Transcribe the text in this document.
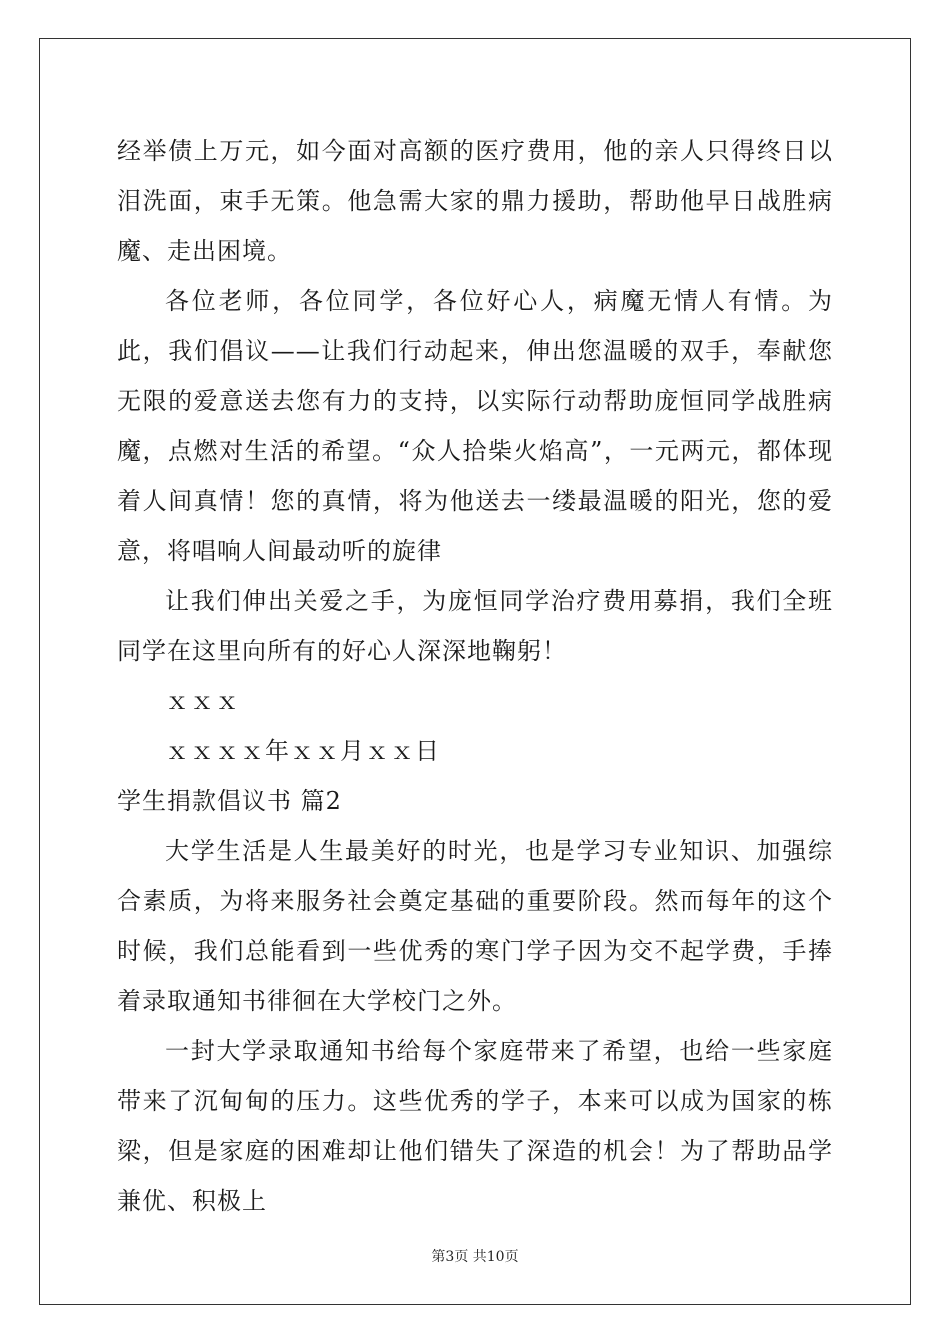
经举债上万元，如今面对高额的医疗费用，他的亲人只得终日以泪洗面，束手无策。他急需大家的鼎力援助，帮助他早日战胜病魔、走出困境。

各位老师，各位同学，各位好心人，病魔无情人有情。为此，我们倡议——让我们行动起来，伸出您温暖的双手，奉献您无限的爱意送去您有力的支持，以实际行动帮助庞恒同学战胜病魔，点燃对生活的希望。“众人拾柴火焰高”，一元两元，都体现着人间真情！您的真情，将为他送去一缕最温暖的阳光，您的爱意，将唱响人间最动听的旋律

让我们伸出关爱之手，为庞恒同学治疗费用募捐，我们全班同学在这里向所有的好心人深深地鞠躬！

ｘｘｘ

ｘｘｘｘ年ｘｘ月ｘｘ日

学生捐款倡议书 篇2

大学生活是人生最美好的时光，也是学习专业知识、加强综合素质，为将来服务社会奠定基础的重要阶段。然而每年的这个时候，我们总能看到一些优秀的寒门学子因为交不起学费，手捧着录取通知书徘徊在大学校门之外。

一封大学录取通知书给每个家庭带来了希望，也给一些家庭带来了沉甸甸的压力。这些优秀的学子，本来可以成为国家的栋梁，但是家庭的困难却让他们错失了深造的机会！为了帮助品学兼优、积极上

第3页 共10页
